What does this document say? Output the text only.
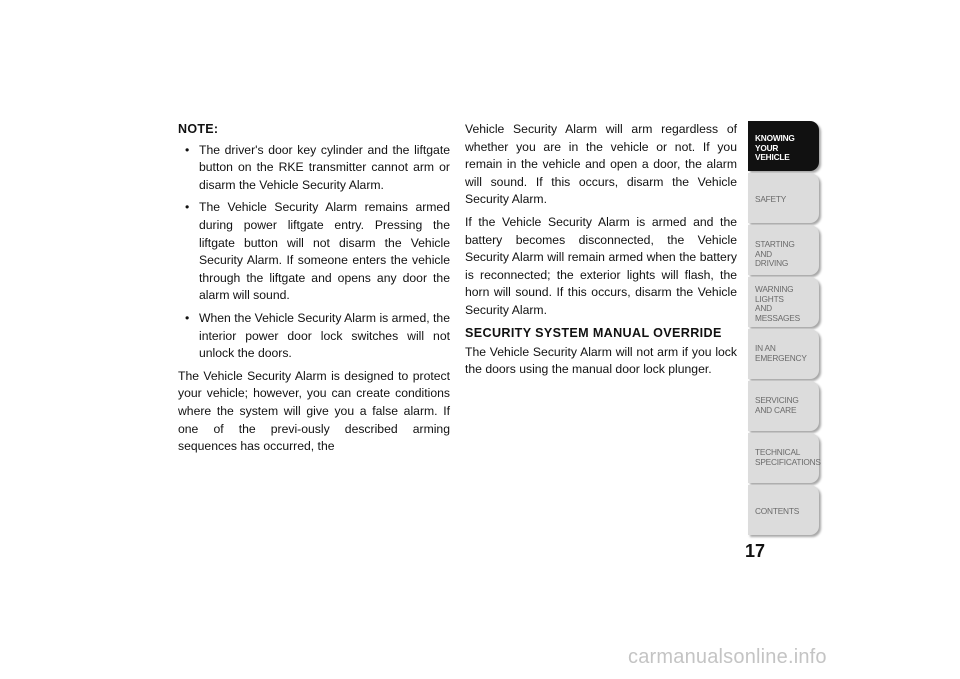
NOTE:
• The driver's door key cylinder and the liftgate button on the RKE transmitter cannot arm or disarm the Vehicle Security Alarm.
• The Vehicle Security Alarm remains armed during power liftgate entry. Pressing the liftgate button will not disarm the Vehicle Security Alarm. If someone enters the vehicle through the liftgate and opens any door the alarm will sound.
• When the Vehicle Security Alarm is armed, the interior power door lock switches will not unlock the doors.

The Vehicle Security Alarm is designed to protect your vehicle; however, you can create conditions where the system will give you a false alarm. If one of the previ-ously described arming sequences has occurred, the

Vehicle Security Alarm will arm regardless of whether you are in the vehicle or not. If you remain in the vehicle and open a door, the alarm will sound. If this occurs, disarm the Vehicle Security Alarm.

If the Vehicle Security Alarm is armed and the battery becomes disconnected, the Vehicle Security Alarm will remain armed when the battery is reconnected; the exterior lights will flash, the horn will sound. If this occurs, disarm the Vehicle Security Alarm.

SECURITY SYSTEM MANUAL OVERRIDE

The Vehicle Security Alarm will not arm if you lock the doors using the manual door lock plunger.

KNOWING
YOUR
VEHICLE
SAFETY
STARTING
AND
DRIVING
WARNING
LIGHTS
AND
MESSAGES
IN AN
EMERGENCY
SERVICING
AND CARE
TECHNICAL
SPECIFICATIONS
CONTENTS
17
carmanualsonline.info
